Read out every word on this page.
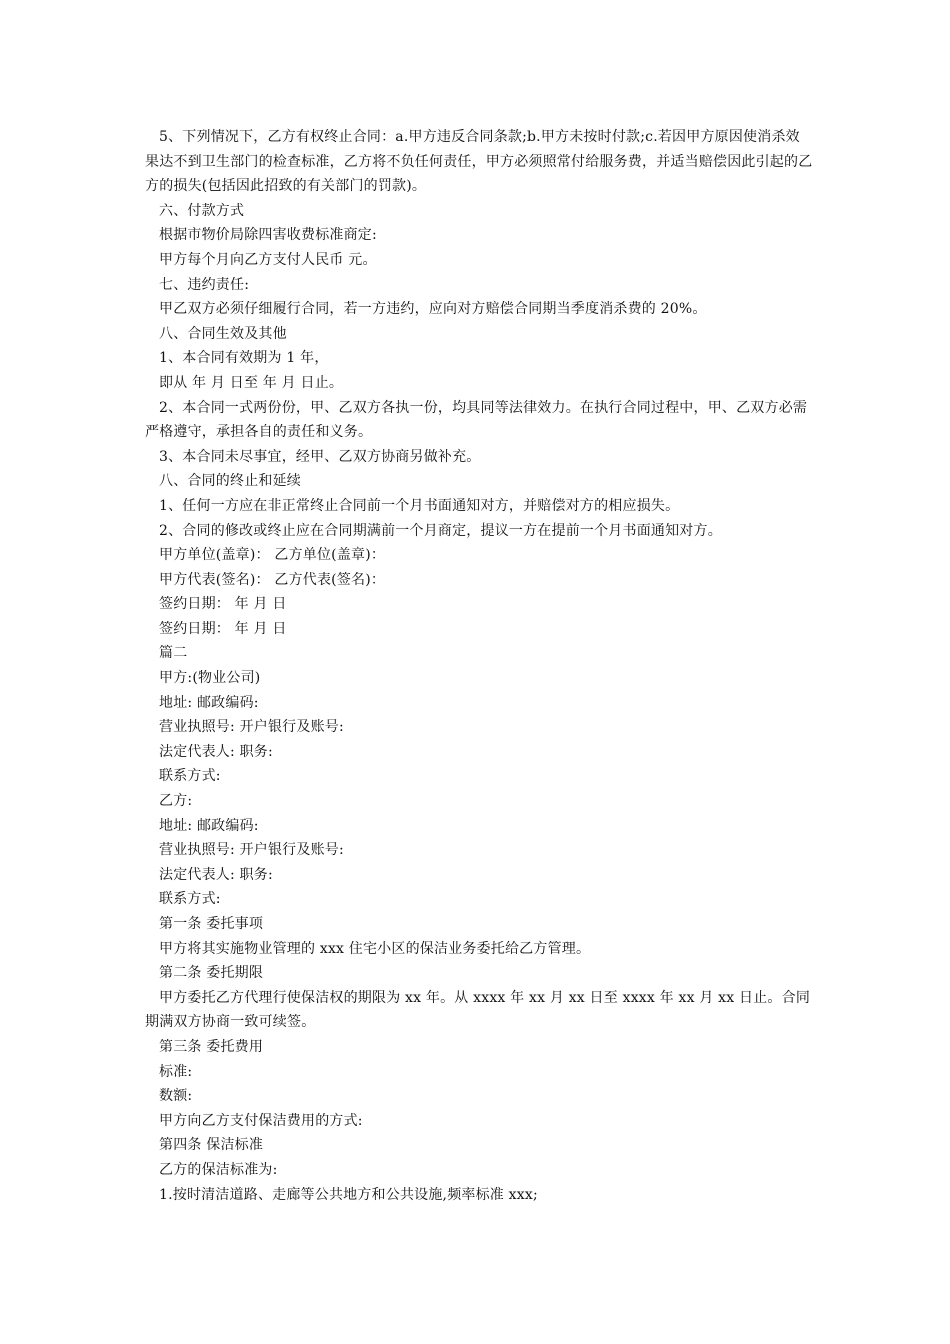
5、下列情况下，乙方有权终止合同：a.甲方违反合同条款;b.甲方未按时付款;c.若因甲方原因使消杀效果达不到卫生部门的检查标准，乙方将不负任何责任，甲方必须照常付给服务费，并适当赔偿因此引起的乙方的损失(包括因此招致的有关部门的罚款)。

六、付款方式

根据市物价局除四害收费标准商定:

甲方每个月向乙方支付人民币 元。

七、违约责任:

甲乙双方必须仔细履行合同，若一方违约，应向对方赔偿合同期当季度消杀费的 20%。

八、合同生效及其他

1、本合同有效期为 1 年，

即从 年 月 日至 年 月 日止。

2、本合同一式两份份，甲、乙双方各执一份，均具同等法律效力。在执行合同过程中，甲、乙双方必需严格遵守，承担各自的责任和义务。

3、本合同未尽事宜，经甲、乙双方协商另做补充。

八、合同的终止和延续

1、任何一方应在非正常终止合同前一个月书面通知对方，并赔偿对方的相应损失。

2、合同的修改或终止应在合同期满前一个月商定，提议一方在提前一个月书面通知对方。

甲方单位(盖章)： 乙方单位(盖章)：

甲方代表(签名)： 乙方代表(签名)：

签约日期： 年 月 日

签约日期： 年 月 日

篇二

甲方:(物业公司)

地址: 邮政编码:

营业执照号: 开户银行及账号:

法定代表人: 职务:

联系方式:

乙方:

地址: 邮政编码:

营业执照号: 开户银行及账号:

法定代表人: 职务:

联系方式:

第一条 委托事项

甲方将其实施物业管理的 xxx 住宅小区的保洁业务委托给乙方管理。

第二条 委托期限

甲方委托乙方代理行使保洁权的期限为 xx 年。从 xxxx 年 xx 月 xx 日至 xxxx 年 xx 月 xx 日止。合同期满双方协商一致可续签。

第三条 委托费用

标准:

数额:

甲方向乙方支付保洁费用的方式:

第四条 保洁标准

乙方的保洁标准为:

1.按时清洁道路、走廊等公共地方和公共设施,频率标准 xxx;
